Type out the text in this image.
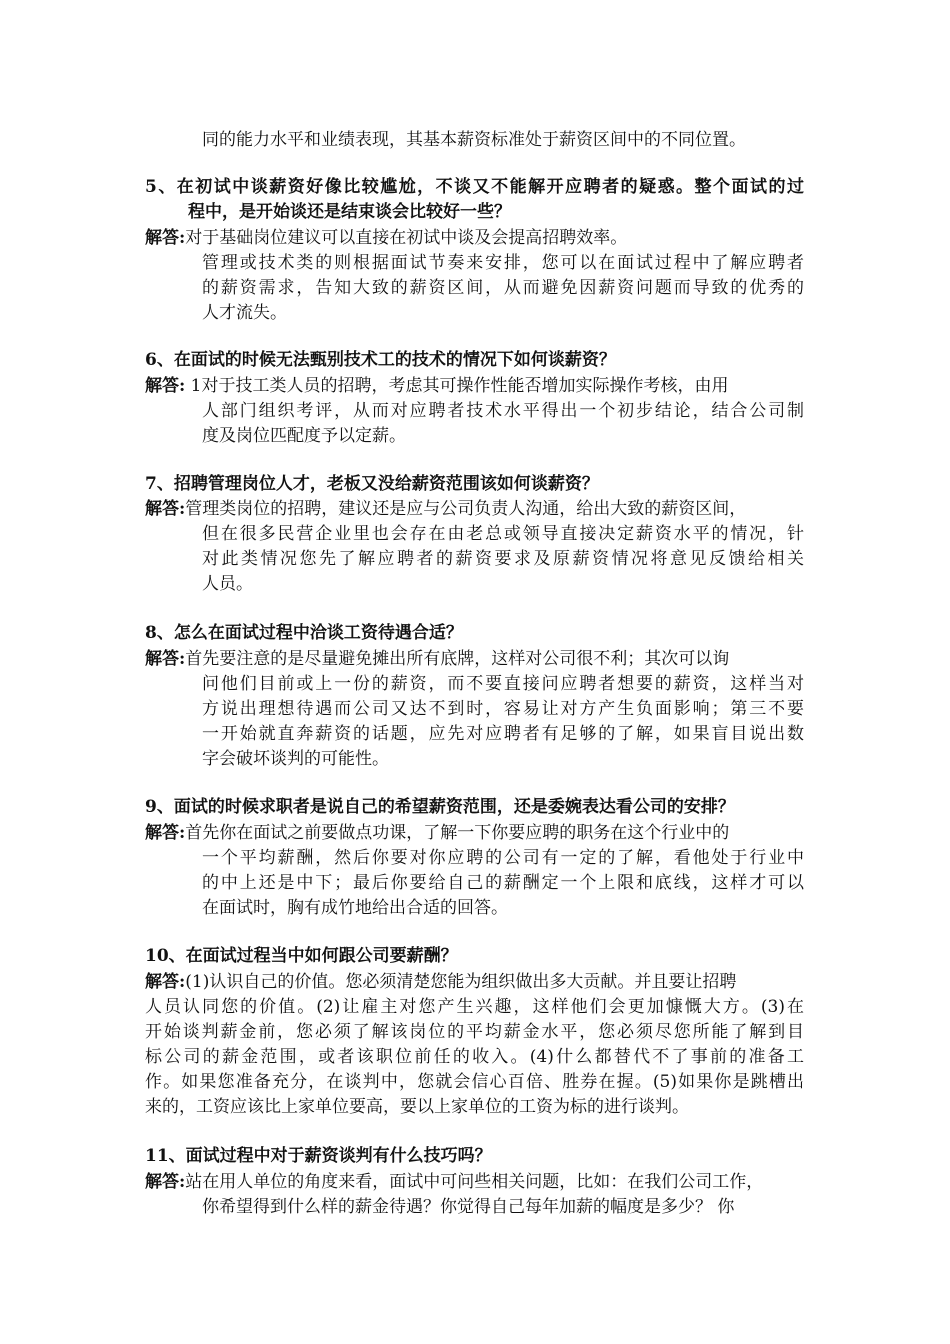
同的能力水平和业绩表现，其基本薪资标准处于薪资区间中的不同位置。
5、在初试中谈薪资好像比较尴尬，不谈又不能解开应聘者的疑惑。整个面试的过
程中，是开始谈还是结束谈会比较好一些？
解答:对于基础岗位建议可以直接在初试中谈及会提高招聘效率。
管理或技术类的则根据面试节奏来安排，您可以在面试过程中了解应聘者
的薪资需求，告知大致的薪资区间，从而避免因薪资问题而导致的优秀的
人才流失。
6、在面试的时候无法甄别技术工的技术的情况下如何谈薪资？
解答: 1对于技工类人员的招聘，考虑其可操作性能否增加实际操作考核，由用
人部门组织考评，从而对应聘者技术水平得出一个初步结论，结合公司制
度及岗位匹配度予以定薪。
7、招聘管理岗位人才，老板又没给薪资范围该如何谈薪资？
解答:管理类岗位的招聘，建议还是应与公司负责人沟通，给出大致的薪资区间，
但在很多民营企业里也会存在由老总或领导直接决定薪资水平的情况，针
对此类情况您先了解应聘者的薪资要求及原薪资情况将意见反馈给相关
人员。
8、怎么在面试过程中洽谈工资待遇合适？
解答:首先要注意的是尽量避免摊出所有底牌，这样对公司很不利；其次可以询
问他们目前或上一份的薪资，而不要直接问应聘者想要的薪资，这样当对
方说出理想待遇而公司又达不到时，容易让对方产生负面影响；第三不要
一开始就直奔薪资的话题，应先对应聘者有足够的了解，如果盲目说出数
字会破坏谈判的可能性。
9、面试的时候求职者是说自己的希望薪资范围，还是委婉表达看公司的安排？
解答:首先你在面试之前要做点功课，了解一下你要应聘的职务在这个行业中的
一个平均薪酬，然后你要对你应聘的公司有一定的了解，看他处于行业中
的中上还是中下；最后你要给自己的薪酬定一个上限和底线，这样才可以
在面试时，胸有成竹地给出合适的回答。
10、在面试过程当中如何跟公司要薪酬？
解答:(1)认识自己的价值。您必须清楚您能为组织做出多大贡献。并且要让招聘
人员认同您的价值。(2)让雇主对您产生兴趣，这样他们会更加慷慨大方。(3)在
开始谈判薪金前，您必须了解该岗位的平均薪金水平，您必须尽您所能了解到目
标公司的薪金范围，或者该职位前任的收入。(4)什么都替代不了事前的准备工
作。如果您准备充分，在谈判中，您就会信心百倍、胜券在握。(5)如果你是跳槽出
来的，工资应该比上家单位要高，要以上家单位的工资为标的进行谈判。
11、面试过程中对于薪资谈判有什么技巧吗？
解答:站在用人单位的角度来看，面试中可问些相关问题，比如：在我们公司工作，
你希望得到什么样的薪金待遇？你觉得自己每年加薪的幅度是多少？ 你
